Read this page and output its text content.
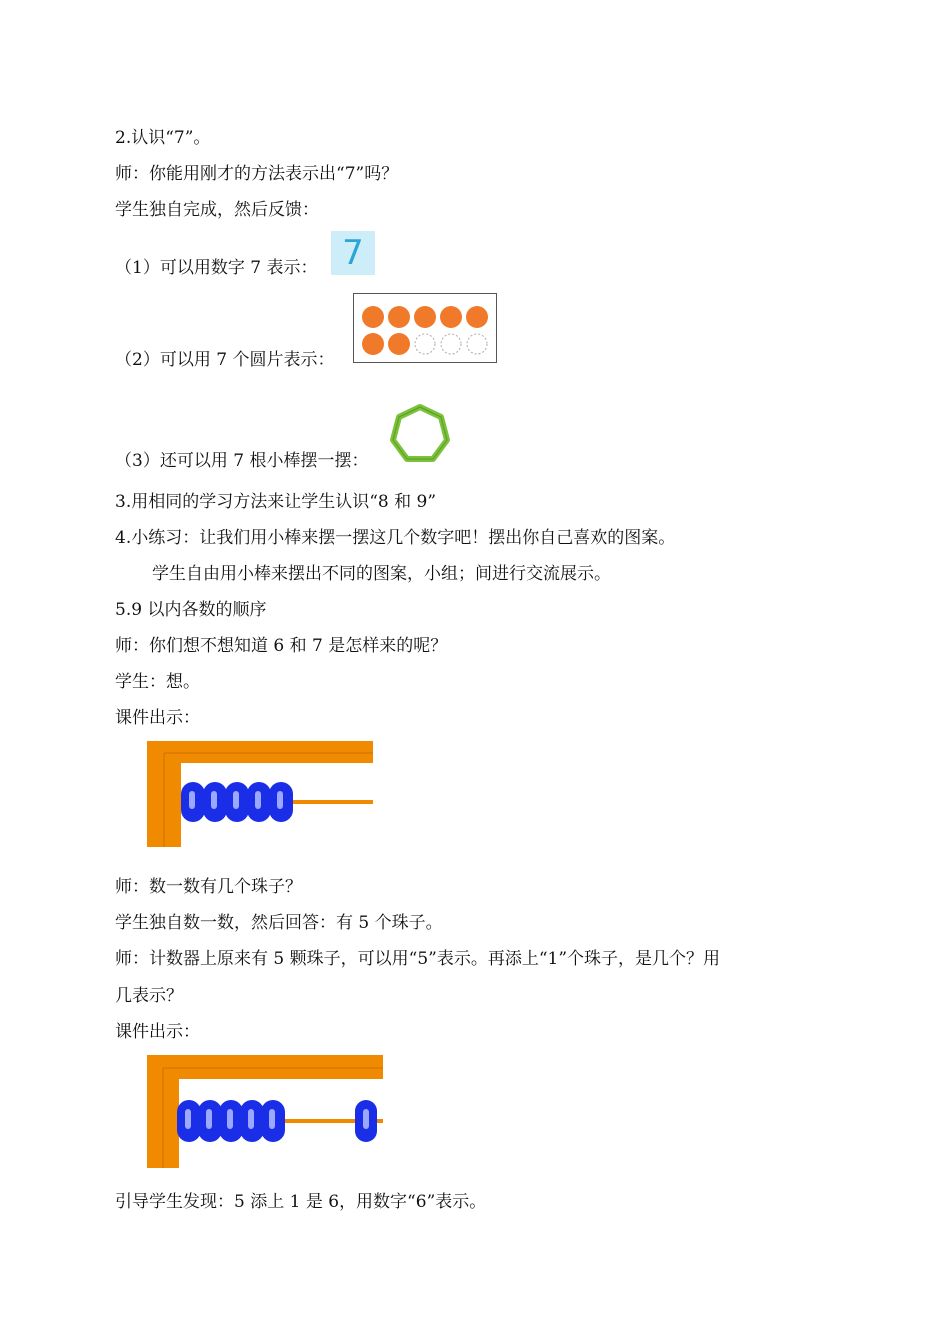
2.认识“7”。
师：你能用刚才的方法表示出“7”吗？
学生独自完成，然后反馈：
（1）可以用数字 7 表示：
（2）可以用 7 个圆片表示：
（3）还可以用 7 根小棒摆一摆：
3.用相同的学习方法来让学生认识“8 和 9”
4.小练习：让我们用小棒来摆一摆这几个数字吧！摆出你自己喜欢的图案。
学生自由用小棒来摆出不同的图案，小组；间进行交流展示。
5.9 以内各数的顺序
师：你们想不想知道 6 和 7 是怎样来的呢？
学生：想。
课件出示：
师：数一数有几个珠子？
学生独自数一数，然后回答：有 5 个珠子。
师：计数器上原来有 5 颗珠子，可以用“5”表示。再添上“1”个珠子，是几个？用
几表示？
课件出示：
引导学生发现：5 添上 1 是 6，用数字“6”表示。
7
